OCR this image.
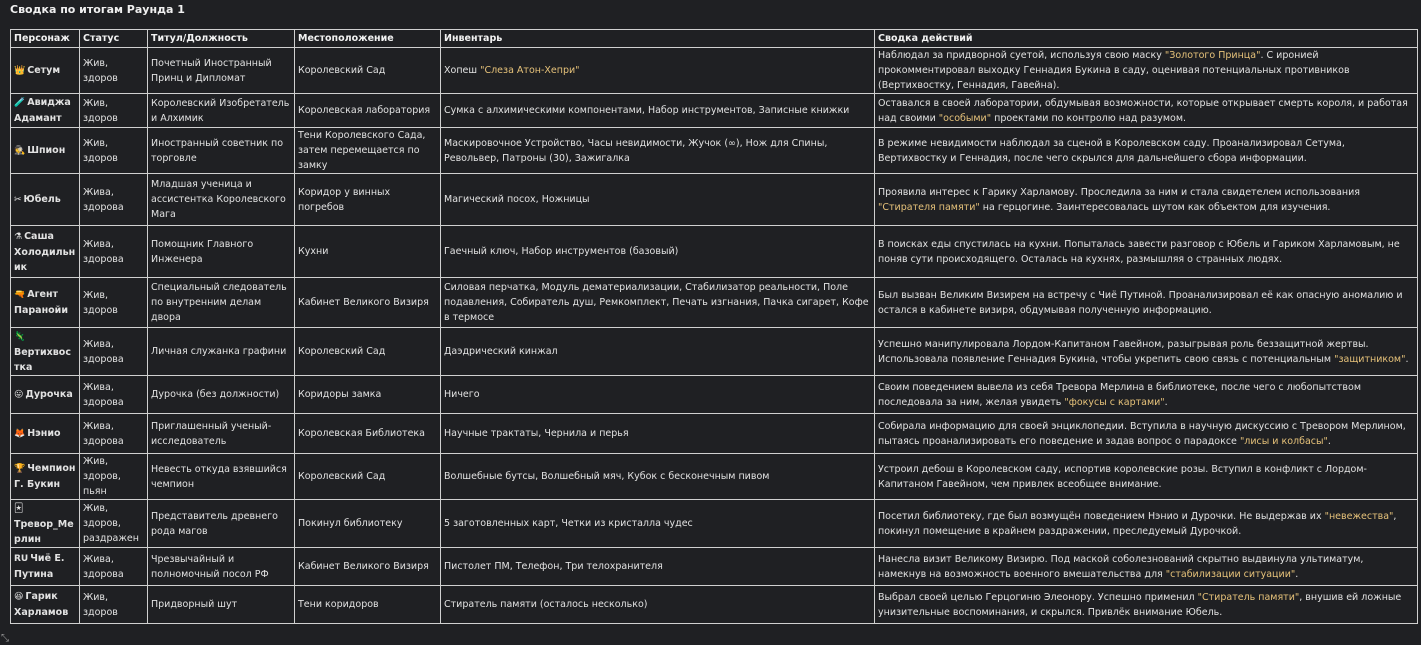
Сводка по итогам Раунда 1
Персонаж	Статус	Титул/Должность	Местоположение	Инвентарь	Сводка действий
👑 Сетум	Жив, здоров	Почетный Иностранный Принц и Дипломат	Королевский Сад	Хопеш "Слеза Атон-Хепри"	Наблюдал за придворной суетой, используя свою маску "Золотого Принца". С иронией прокомментировал выходку Геннадия Букина в саду, оценивая потенциальных противников (Вертихвостку, Геннадия, Гавейна).
🧪 Авиджа Адамант	Жив, здоров	Королевский Изобретатель и Алхимик	Королевская лаборатория	Сумка с алхимическими компонентами, Набор инструментов, Записные книжки	Оставался в своей лаборатории, обдумывая возможности, которые открывает смерть короля, и работая над своими "особыми" проектами по контролю над разумом.
🕵 Шпион	Жив, здоров	Иностранный советник по торговле	Тени Королевского Сада, затем перемещается по замку	Маскировочное Устройство, Часы невидимости, Жучок (∞), Нож для Спины, Револьвер, Патроны (30), Зажигалка	В режиме невидимости наблюдал за сценой в Королевском саду. Проанализировал Сетума, Вертихвостку и Геннадия, после чего скрылся для дальнейшего сбора информации.
✂ Юбель	Жива, здорова	Младшая ученица и ассистентка Королевского Мага	Коридор у винных погребов	Магический посох, Ножницы	Проявила интерес к Гарику Харламову. Проследила за ним и стала свидетелем использования "Стирателя памяти" на герцогине. Заинтересовалась шутом как объектом для изучения.
⚗ Саша Холодильник	Жива, здорова	Помощник Главного Инженера	Кухни	Гаечный ключ, Набор инструментов (базовый)	В поисках еды спустилась на кухни. Попыталась завести разговор с Юбель и Гариком Харламовым, не поняв сути происходящего. Осталась на кухнях, размышляя о странных людях.
🔫 Агент Паранойи	Жив, здоров	Специальный следователь по внутренним делам двора	Кабинет Великого Визиря	Силовая перчатка, Модуль дематериализации, Стабилизатор реальности, Поле подавления, Собиратель душ, Ремкомплект, Печать изгнания, Пачка сигарет, Кофе в термосе	Был вызван Великим Визирем на встречу с Чиё Путиной. Проанализировал её как опасную аномалию и остался в кабинете визиря, обдумывая полученную информацию.
🦎Вертихвостка	Жива, здорова	Личная служанка графини	Королевский Сад	Даэдрический кинжал	Успешно манипулировала Лордом-Капитаном Гавейном, разыгрывая роль беззащитной жертвы. Использовала появление Геннадия Букина, чтобы укрепить свою связь с потенциальным "защитником".
😛 Дурочка	Жива, здорова	Дурочка (без должности)	Коридоры замка	Ничего	Своим поведением вывела из себя Тревора Мерлина в библиотеке, после чего с любопытством последовала за ним, желая увидеть "фокусы с картами".
🦊 Нэнио	Жива, здорова	Приглашенный ученый-исследователь	Королевская Библиотека	Научные трактаты, Чернила и перья	Собирала информацию для своей энциклопедии. Вступила в научную дискуссию с Тревором Мерлином, пытаясь проанализировать его поведение и задав вопрос о парадоксе "лисы и колбасы".
🏆 Чемпион Г. Букин	Жив, здоров, пьян	Невесть откуда взявшийся чемпион	Королевский Сад	Волшебные бутсы, Волшебный мяч, Кубок с бесконечным пивом	Устроил дебош в Королевском саду, испортив королевские розы. Вступил в конфликт с Лордом-Капитаном Гавейном, чем привлек всеобщее внимание.
🃏Тревор_Мерлин	Жив, здоров, раздражен	Представитель древнего рода магов	Покинул библиотеку	5 заготовленных карт, Четки из кристалла чудес	Посетил библиотеку, где был возмущён поведением Нэнио и Дурочки. Не выдержав их "невежества", покинул помещение в крайнем раздражении, преследуемый Дурочкой.
RU Чиё Е. Путина	Жива, здорова	Чрезвычайный и полномочный посол РФ	Кабинет Великого Визиря	Пистолет ПМ, Телефон, Три телохранителя	Нанесла визит Великому Визирю. Под маской соболезнований скрытно выдвинула ультиматум, намекнув на возможность военного вмешательства для "стабилизации ситуации".
😆 Гарик Харламов	Жив, здоров	Придворный шут	Тени коридоров	Стиратель памяти (осталось несколько)	Выбрал своей целью Герцогиню Элеонору. Успешно применил "Стиратель памяти", внушив ей ложные унизительные воспоминания, и скрылся. Привлёк внимание Юбель.
⤡
